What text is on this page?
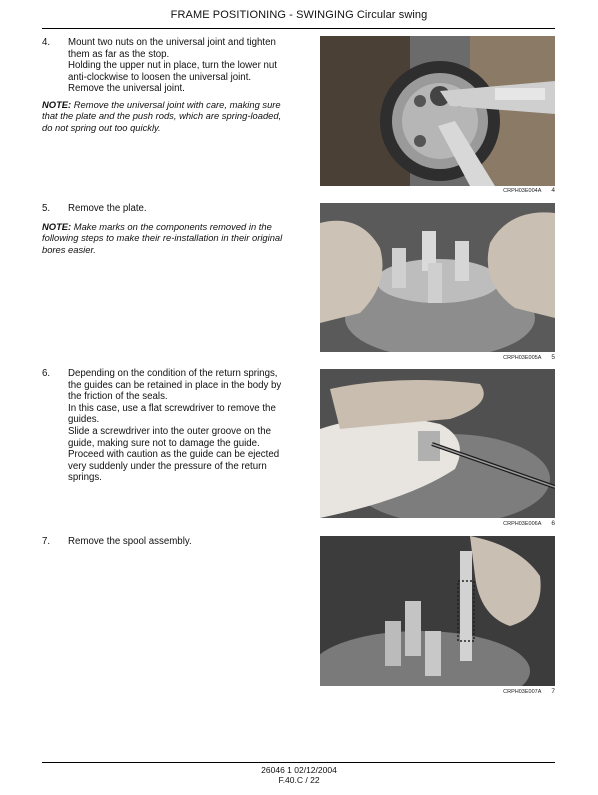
FRAME POSITIONING - SWINGING Circular swing
4. Mount two nuts on the universal joint and tighten
them as far as the stop.
Holding the upper nut in place, turn the lower nut
anti-clockwise to loosen the universal joint.
Remove the universal joint.
NOTE: Remove the universal joint with care, making sure
that the plate and the push rods, which are spring-loaded,
do not spring out too quickly.
CRPH03E004A 4
5. Remove the plate.
NOTE: Make marks on the components removed in the
following steps to make their re-installation in their original
bores easier.
CRPH03E005A 5
6. Depending on the condition of the return springs,
the guides can be retained in place in the body by
the friction of the seals.
In this case, use a flat screwdriver to remove the
guides.
Slide a screwdriver into the outer groove on the
guide, making sure not to damage the guide.
Proceed with caution as the guide can be ejected
very suddenly under the pressure of the return
springs.
CRPH03E006A 6
7. Remove the spool assembly.
CRPH03E007A 7
26046 1 02/12/2004
F.40.C / 22
